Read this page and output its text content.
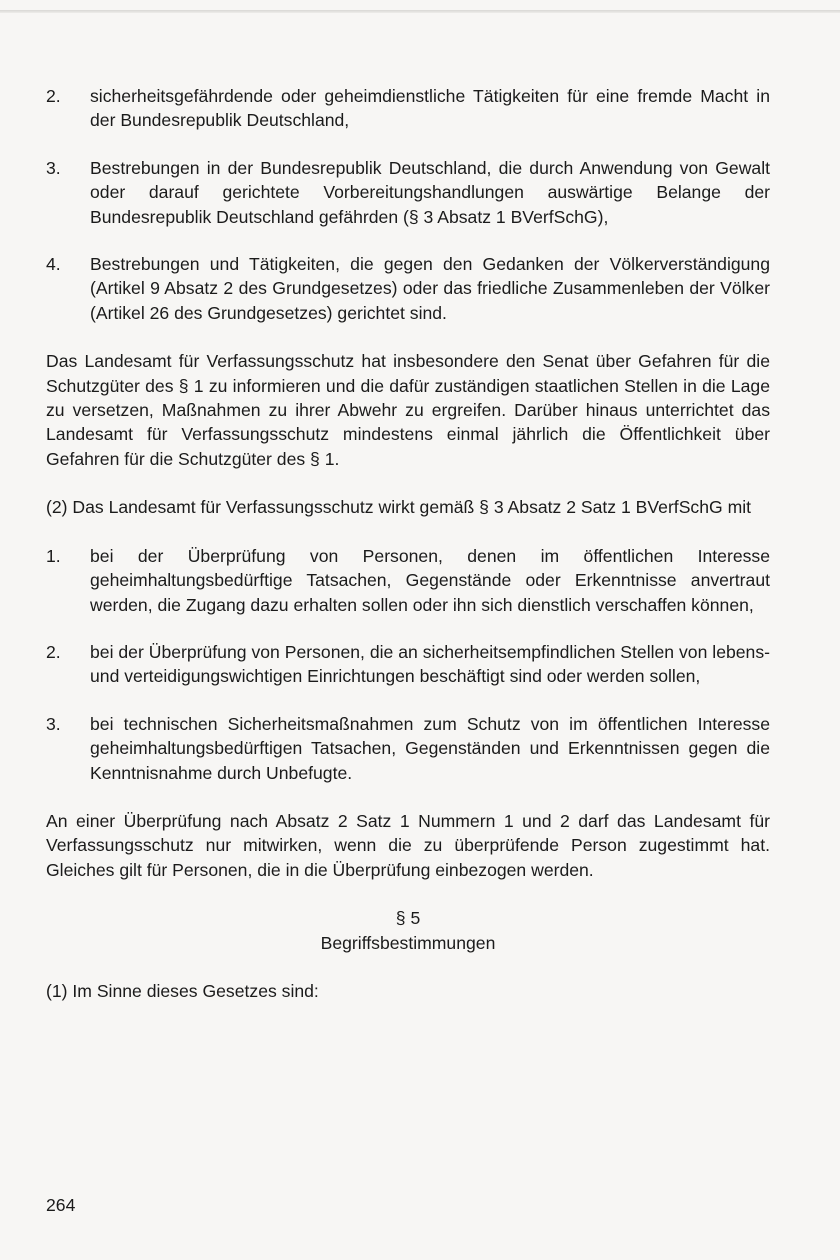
2.	sicherheitsgefährdende oder geheimdienstliche Tätigkeiten für eine fremde Macht in der Bundesrepublik Deutschland,
3.	Bestrebungen in der Bundesrepublik Deutschland, die durch Anwendung von Gewalt oder darauf gerichtete Vorbereitungshandlungen auswärtige Belange der Bundesrepublik Deutschland gefährden (§ 3 Absatz 1 BVerfSchG),
4.	Bestrebungen und Tätigkeiten, die gegen den Gedanken der Völkerverständigung (Artikel 9 Absatz 2 des Grundgesetzes) oder das friedliche Zusammenleben der Völker (Artikel 26 des Grundgesetzes) gerichtet sind.

Das Landesamt für Verfassungsschutz hat insbesondere den Senat über Gefahren für die Schutzgüter des § 1 zu informieren und die dafür zuständigen staatlichen Stellen in die Lage zu versetzen, Maßnahmen zu ihrer Abwehr zu ergreifen. Darüber hinaus unterrichtet das Landesamt für Verfassungsschutz mindestens einmal jährlich die Öffentlichkeit über Gefahren für die Schutzgüter des § 1.

(2) Das Landesamt für Verfassungsschutz wirkt gemäß § 3 Absatz 2 Satz 1 BVerfSchG mit

1.	bei der Überprüfung von Personen, denen im öffentlichen Interesse geheimhaltungsbedürftige Tatsachen, Gegenstände oder Erkenntnisse anvertraut werden, die Zugang dazu erhalten sollen oder ihn sich dienstlich verschaffen können,
2.	bei der Überprüfung von Personen, die an sicherheitsempfindlichen Stellen von lebens- und verteidigungswichtigen Einrichtungen beschäftigt sind oder werden sollen,
3.	bei technischen Sicherheitsmaßnahmen zum Schutz von im öffentlichen Interesse geheimhaltungsbedürftigen Tatsachen, Gegenständen und Erkenntnissen gegen die Kenntnisnahme durch Unbefugte.

An einer Überprüfung nach Absatz 2 Satz 1 Nummern 1 und 2 darf das Landesamt für Verfassungsschutz nur mitwirken, wenn die zu überprüfende Person zugestimmt hat. Gleiches gilt für Personen, die in die Überprüfung einbezogen werden.

§ 5

Begriffsbestimmungen

(1) Im Sinne dieses Gesetzes sind:

264
